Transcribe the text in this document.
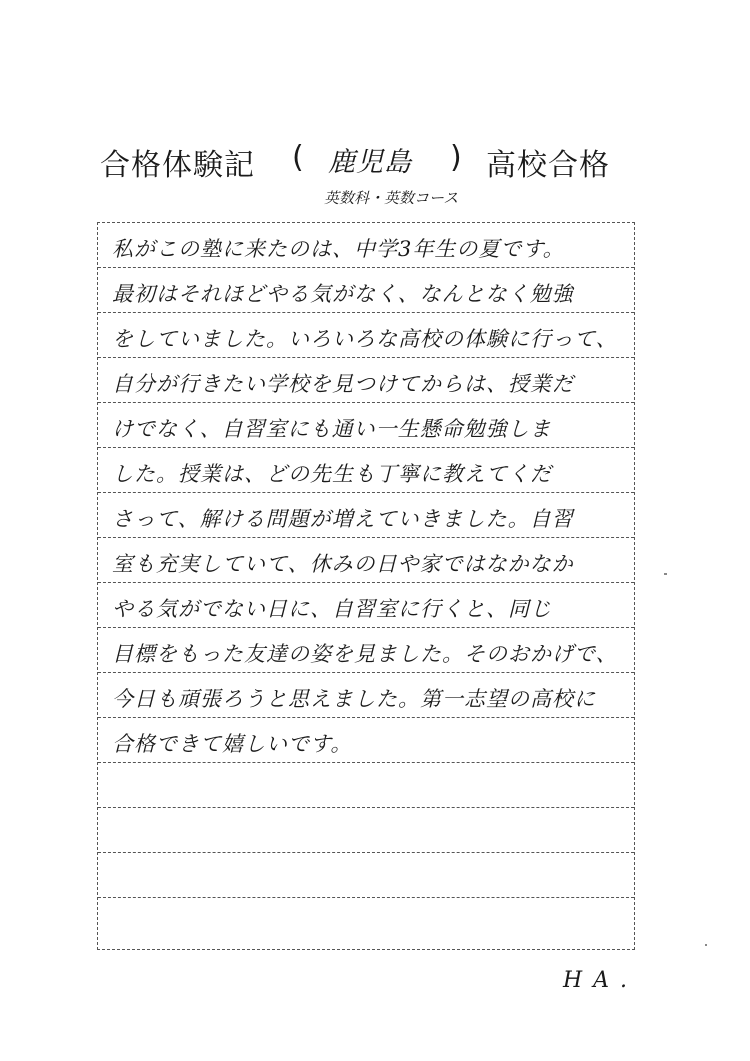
合格体験記 ( 鹿児島 ) 高校合格
英数科・英数コース
私がこの塾に来たのは、中学3年生の夏です。
最初はそれほどやる気がなく、なんとなく勉強
をしていました。いろいろな高校の体験に行って、
自分が行きたい学校を見つけてからは、授業だ
けでなく、自習室にも通い一生懸命勉強しま
した。授業は、どの先生も丁寧に教えてくだ
さって、解ける問題が増えていきました。自習
室も充実していて、休みの日や家ではなかなか
やる気がでない日に、自習室に行くと、同じ
目標をもった友達の姿を見ました。そのおかげで、
今日も頑張ろうと思えました。第一志望の高校に
合格できて嬉しいです。
H A .
